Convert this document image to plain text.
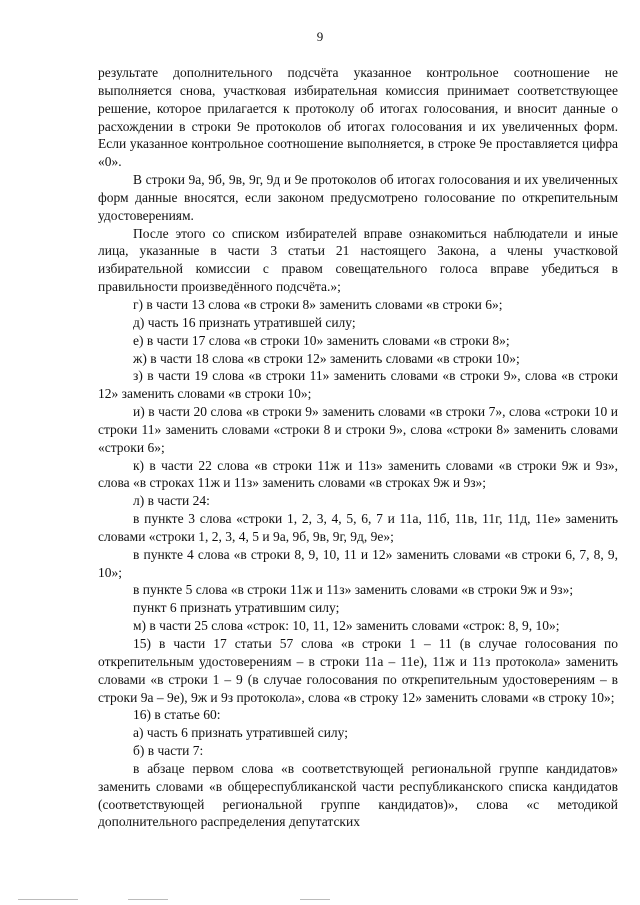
9

результате дополнительного подсчёта указанное контрольное соотношение не выполняется снова, участковая избирательная комиссия принимает соответствующее решение, которое прилагается к протоколу об итогах голосования, и вносит данные о расхождении в строки 9е протоколов об итогах голосования и их увеличенных форм. Если указанное контрольное соотношение выполняется, в строке 9е проставляется цифра «0».

В строки 9а, 9б, 9в, 9г, 9д и 9е протоколов об итогах голосования и их увеличенных форм данные вносятся, если законом предусмотрено голосование по открепительным удостоверениям.

После этого со списком избирателей вправе ознакомиться наблюдатели и иные лица, указанные в части 3 статьи 21 настоящего Закона, а члены участковой избирательной комиссии с правом совещательного голоса вправе убедиться в правильности произведённого подсчёта.»;

г) в части 13 слова «в строки 8» заменить словами «в строки 6»;

д) часть 16 признать утратившей силу;

е) в части 17 слова «в строки 10» заменить словами «в строки 8»;

ж) в части 18 слова «в строки 12» заменить словами «в строки 10»;

з) в части 19 слова «в строки 11» заменить словами «в строки 9», слова «в строки 12» заменить словами «в строки 10»;

и) в части 20 слова «в строки 9» заменить словами «в строки 7», слова «строки 10 и строки 11» заменить словами «строки 8 и строки 9», слова «строки 8» заменить словами «строки 6»;

к) в части 22 слова «в строки 11ж и 11з» заменить словами «в строки 9ж и 9з», слова «в строках 11ж и 11з» заменить словами «в строках 9ж и 9з»;

л) в части 24:

в пункте 3 слова «строки 1, 2, 3, 4, 5, 6, 7 и 11а, 11б, 11в, 11г, 11д, 11е» заменить словами «строки 1, 2, 3, 4, 5 и 9а, 9б, 9в, 9г, 9д, 9е»;

в пункте 4 слова «в строки 8, 9, 10, 11 и 12» заменить словами «в строки 6, 7, 8, 9, 10»;

в пункте 5 слова «в строки 11ж и 11з» заменить словами «в строки 9ж и 9з»;

пункт 6 признать утратившим силу;

м) в части 25 слова «строк: 10, 11, 12» заменить словами «строк: 8, 9, 10»;

15) в части 17 статьи 57 слова «в строки 1 – 11 (в случае голосования по открепительным удостоверениям – в строки 11а – 11е), 11ж и 11з протокола» заменить словами «в строки 1 – 9 (в случае голосования по открепительным удостоверениям – в строки 9а – 9е), 9ж и 9з протокола», слова «в строку 12» заменить словами «в строку 10»;

16) в статье 60:

а) часть 6 признать утратившей силу;

б) в части 7:

в абзаце первом слова «в соответствующей региональной группе кандидатов» заменить словами «в общереспубликанской части республиканского списка кандидатов (соответствующей региональной группе кандидатов)», слова «с методикой дополнительного распределения депутатских
